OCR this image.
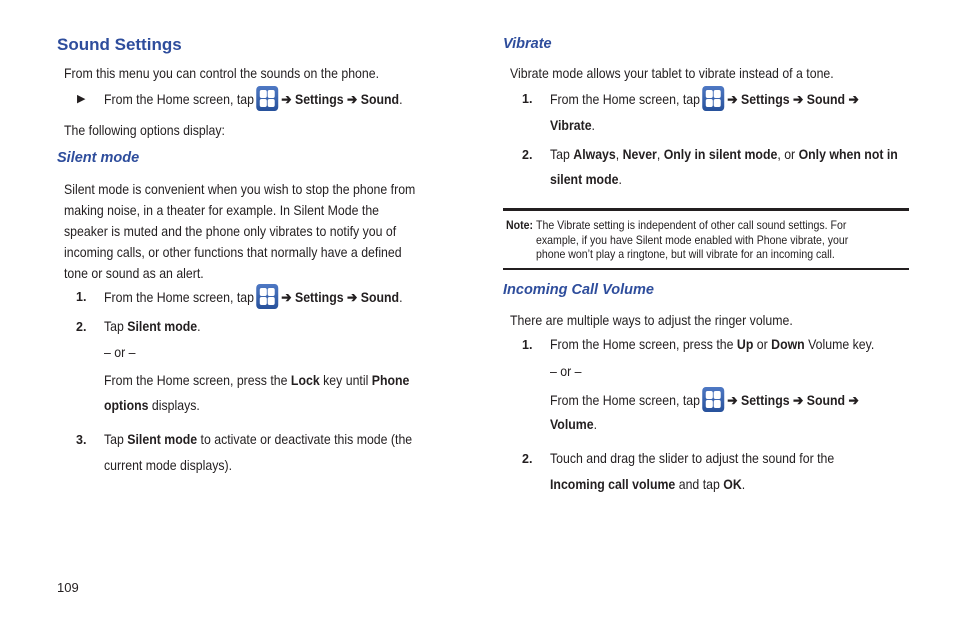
Sound Settings
From this menu you can control the sounds on the phone.
▶ From the Home screen, tap ➔ Settings ➔ Sound.
The following options display:
Silent mode
Silent mode is convenient when you wish to stop the phone from
making noise, in a theater for example. In Silent Mode the
speaker is muted and the phone only vibrates to notify you of
incoming calls, or other functions that normally have a defined
tone or sound as an alert.
1. From the Home screen, tap ➔ Settings ➔ Sound.
2. Tap Silent mode.
– or –
From the Home screen, press the Lock key until Phone
options displays.
3. Tap Silent mode to activate or deactivate this mode (the
current mode displays).
109
Vibrate
Vibrate mode allows your tablet to vibrate instead of a tone.
1. From the Home screen, tap ➔ Settings ➔ Sound ➔
Vibrate.
2. Tap Always, Never, Only in silent mode, or Only when not in
silent mode.
Note: The Vibrate setting is independent of other call sound settings. For
example, if you have Silent mode enabled with Phone vibrate, your
phone won’t play a ringtone, but will vibrate for an incoming call.
Incoming Call Volume
There are multiple ways to adjust the ringer volume.
1. From the Home screen, press the Up or Down Volume key.
– or –
From the Home screen, tap ➔ Settings ➔ Sound ➔
Volume.
2. Touch and drag the slider to adjust the sound for the
Incoming call volume and tap OK.
